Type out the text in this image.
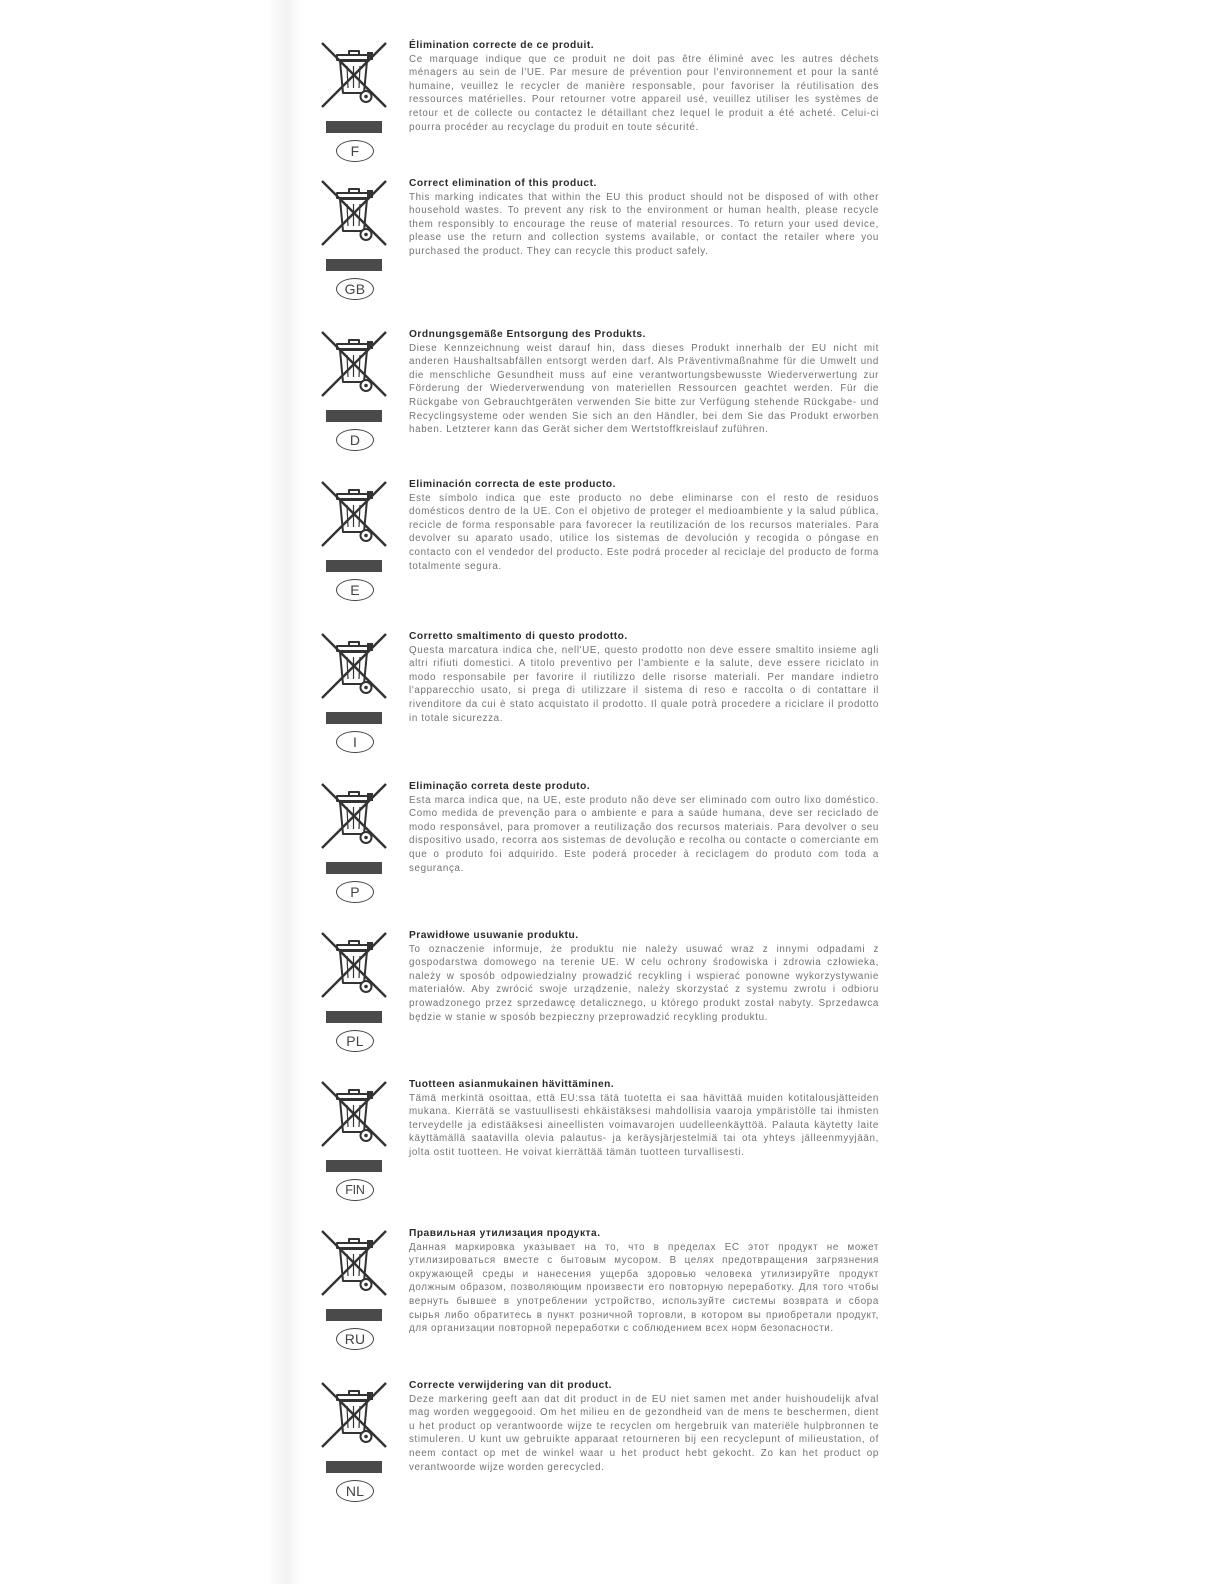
F

Élimination correcte de ce produit.

Ce marquage indique que ce produit ne doit pas être éliminé avec les autres déchets ménagers au sein de l'UE. Par mesure de prévention pour l'environnement et pour la santé humaine, veuillez le recycler de manière responsable, pour favoriser la réutilisation des ressources matérielles. Pour retourner votre appareil usé, veuillez utiliser les systèmes de retour et de collecte ou contactez le détaillant chez lequel le produit a été acheté. Celui-ci pourra procéder au recyclage du produit en toute sécurité.

GB

Correct elimination of this product.

This marking indicates that within the EU this product should not be disposed of with other household wastes. To prevent any risk to the environment or human health, please recycle them responsibly to encourage the reuse of material resources. To return your used device, please use the return and collection systems available, or contact the retailer where you purchased the product. They can recycle this product safely.

D

Ordnungsgemäße Entsorgung des Produkts.

Diese Kennzeichnung weist darauf hin, dass dieses Produkt innerhalb der EU nicht mit anderen Haushaltsabfällen entsorgt werden darf. Als Präventivmaßnahme für die Umwelt und die menschliche Gesundheit muss auf eine verantwortungsbewusste Wiederverwertung zur Förderung der Wiederverwendung von materiellen Ressourcen geachtet werden. Für die Rückgabe von Gebrauchtgeräten verwenden Sie bitte zur Verfügung stehende Rückgabe- und Recyclingsysteme oder wenden Sie sich an den Händler, bei dem Sie das Produkt erworben haben. Letzterer kann das Gerät sicher dem Wertstoffkreislauf zuführen.

E

Eliminación correcta de este producto.

Este símbolo indica que este producto no debe eliminarse con el resto de residuos domésticos dentro de la UE. Con el objetivo de proteger el medioambiente y la salud pública, recicle de forma responsable para favorecer la reutilización de los recursos materiales. Para devolver su aparato usado, utilice los sistemas de devolución y recogida o póngase en contacto con el vendedor del producto. Este podrá proceder al reciclaje del producto de forma totalmente segura.

I

Corretto smaltimento di questo prodotto.

Questa marcatura indica che, nell'UE, questo prodotto non deve essere smaltito insieme agli altri rifiuti domestici. A titolo preventivo per l'ambiente e la salute, deve essere riciclato in modo responsabile per favorire il riutilizzo delle risorse materiali. Per mandare indietro l'apparecchio usato, si prega di utilizzare il sistema di reso e raccolta o di contattare il rivenditore da cui è stato acquistato il prodotto. Il quale potrà procedere a riciclare il prodotto in totale sicurezza.

P

Eliminação correta deste produto.

Esta marca indica que, na UE, este produto não deve ser eliminado com outro lixo doméstico. Como medida de prevenção para o ambiente e para a saúde humana, deve ser reciclado de modo responsável, para promover a reutilização dos recursos materiais. Para devolver o seu dispositivo usado, recorra aos sistemas de devolução e recolha ou contacte o comerciante em que o produto foi adquirido. Este poderá proceder à reciclagem do produto com toda a segurança.

PL

Prawidłowe usuwanie produktu.

To oznaczenie informuje, że produktu nie należy usuwać wraz z innymi odpadami z gospodarstwa domowego na terenie UE. W celu ochrony środowiska i zdrowia człowieka, należy w sposób odpowiedzialny prowadzić recykling i wspierać ponowne wykorzystywanie materiałów. Aby zwrócić swoje urządzenie, należy skorzystać z systemu zwrotu i odbioru prowadzonego przez sprzedawcę detalicznego, u którego produkt został nabyty. Sprzedawca będzie w stanie w sposób bezpieczny przeprowadzić recykling produktu.

FIN

Tuotteen asianmukainen hävittäminen.

Tämä merkintä osoittaa, että EU:ssa tätä tuotetta ei saa hävittää muiden kotitalousjätteiden mukana. Kierrätä se vastuullisesti ehkäistäksesi mahdollisia vaaroja ympäristölle tai ihmisten terveydelle ja edistääksesi aineellisten voimavarojen uudelleenkäyttöä. Palauta käytetty laite käyttämällä saatavilla olevia palautus- ja keräysjärjestelmiä tai ota yhteys jälleenmyyjään, jolta ostit tuotteen. He voivat kierrättää tämän tuotteen turvallisesti.

RU

Правильная утилизация продукта.

Данная маркировка указывает на то, что в пределах ЕС этот продукт не может утилизироваться вместе с бытовым мусором. В целях предотвращения загрязнения окружающей среды и нанесения ущерба здоровью человека утилизируйте продукт должным образом, позволяющим произвести его повторную переработку. Для того чтобы вернуть бывшее в употреблении устройство, используйте системы возврата и сбора сырья либо обратитесь в пункт розничной торговли, в котором вы приобретали продукт, для организации повторной переработки с соблюдением всех норм безопасности.

NL

Correcte verwijdering van dit product.

Deze markering geeft aan dat dit product in de EU niet samen met ander huishoudelijk afval mag worden weggegooid. Om het milieu en de gezondheid van de mens te beschermen, dient u het product op verantwoorde wijze te recyclen om hergebruik van materiële hulpbronnen te stimuleren. U kunt uw gebruikte apparaat retourneren bij een recyclepunt of milieustation, of neem contact op met de winkel waar u het product hebt gekocht. Zo kan het product op verantwoorde wijze worden gerecycled.
